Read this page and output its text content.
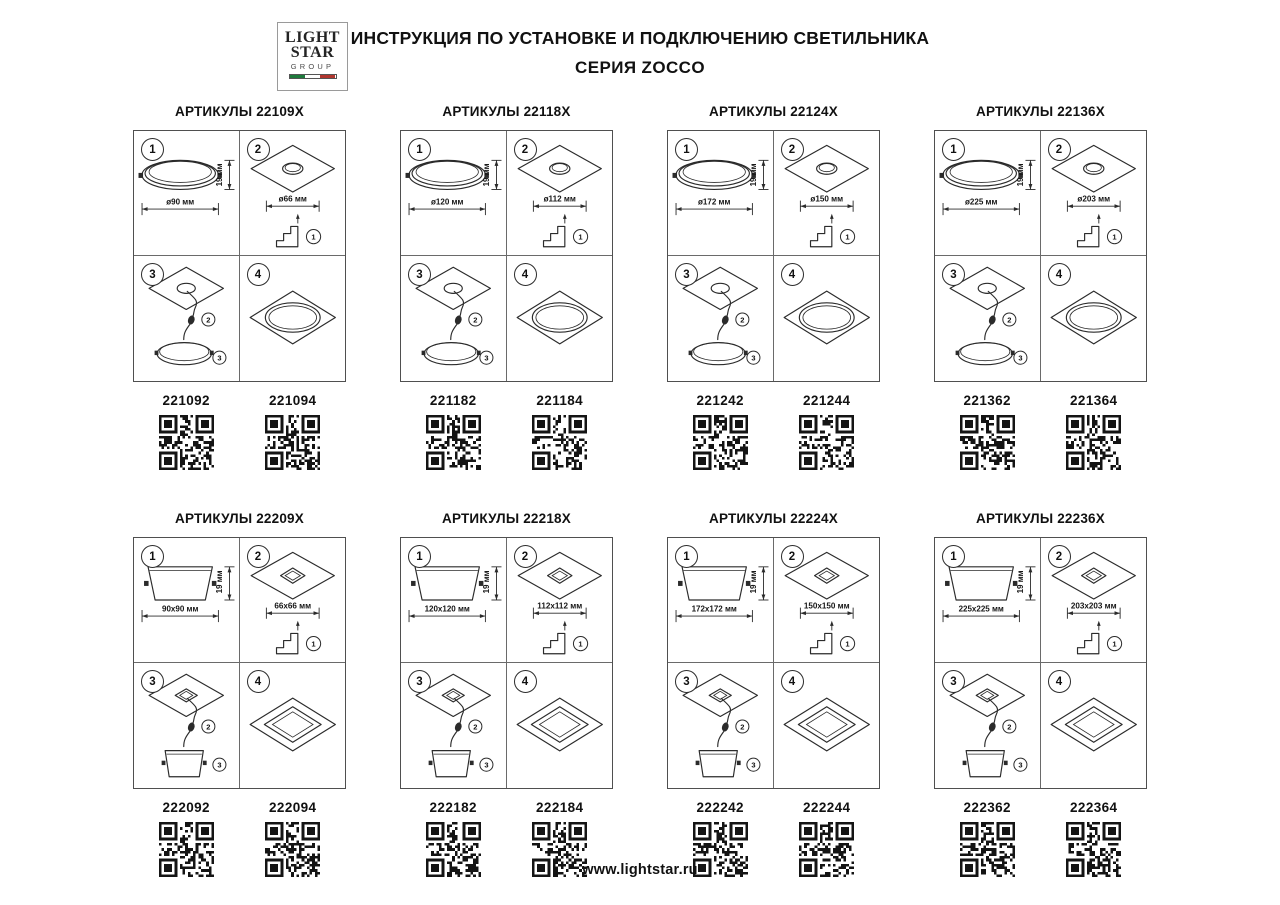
LIGHT
STAR
GROUP
ИНСТРУКЦИЯ ПО УСТАНОВКЕ И ПОДКЛЮЧЕНИЮ СВЕТИЛЬНИКА
СЕРИЯ ZOCCO
АРТИКУЛЫ 22109X
1
19 мм
ø90 мм
2
ø66 мм
1
3
2
3
4
221092	221094
АРТИКУЛЫ 22118X
1
19 мм
ø120 мм
2
ø112 мм
1
3
2
3
4
221182	221184
АРТИКУЛЫ 22124X
1
19 мм
ø172 мм
2
ø150 мм
1
3
2
3
4
221242	221244
АРТИКУЛЫ 22136X
1
19 мм
ø225 мм
2
ø203 мм
1
3
2
3
4
221362	221364
АРТИКУЛЫ 22209X
1
19 мм
90x90 мм
2
66x66 мм
1
3
2
3
4
222092	222094
АРТИКУЛЫ 22218X
1
19 мм
120x120 мм
2
112x112 мм
1
3
2
3
4
222182	222184
АРТИКУЛЫ 22224X
1
19 мм
172x172 мм
2
150x150 мм
1
3
2
3
4
222242	222244
АРТИКУЛЫ 22236X
1
19 мм
225x225 мм
2
203x203 мм
1
3
2
3
4
222362	222364
www.lightstar.ru
